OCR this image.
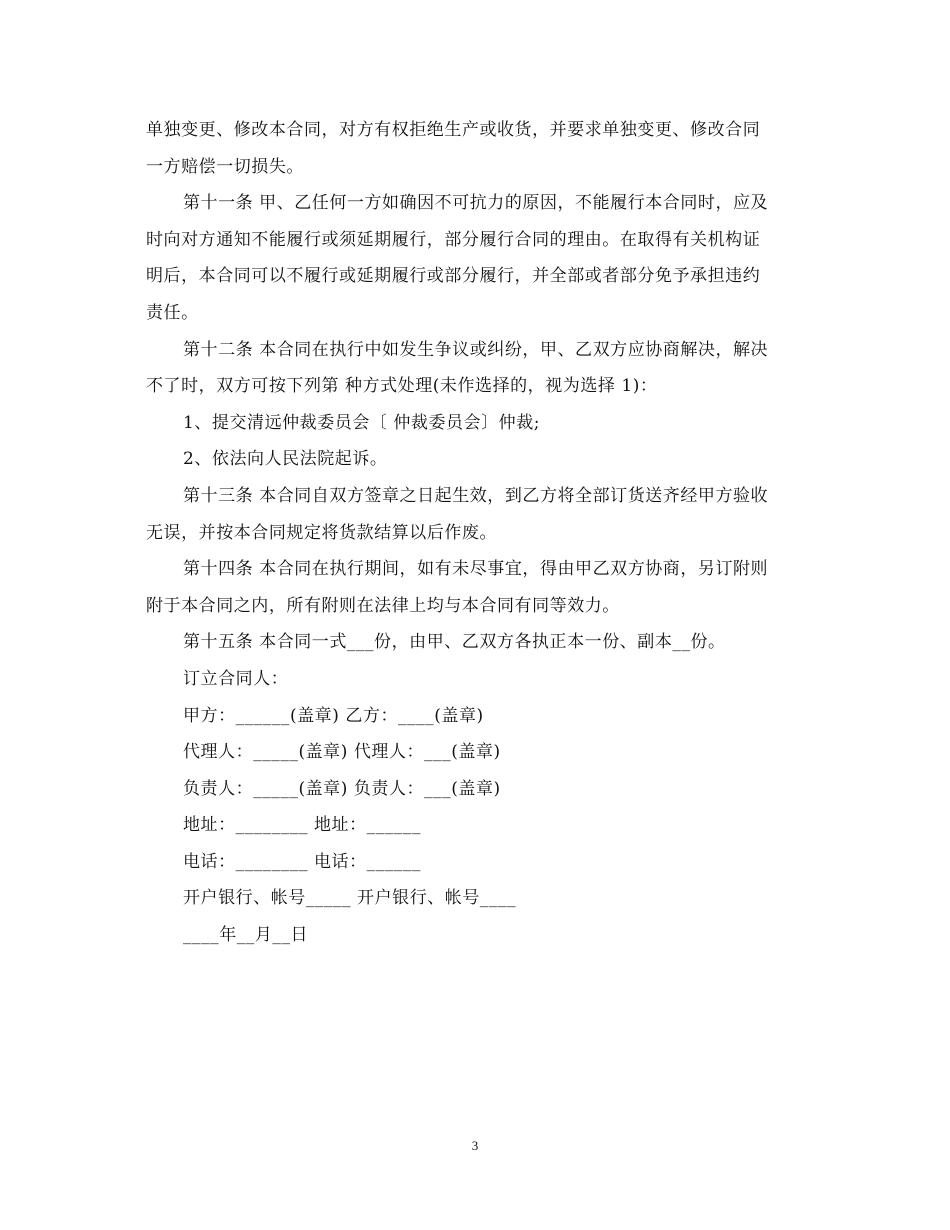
单独变更、修改本合同，对方有权拒绝生产或收货，并要求单独变更、修改合同
一方赔偿一切损失。
第十一条 甲、乙任何一方如确因不可抗力的原因，不能履行本合同时，应及
时向对方通知不能履行或须延期履行，部分履行合同的理由。在取得有关机构证
明后，本合同可以不履行或延期履行或部分履行，并全部或者部分免予承担违约
责任。
第十二条 本合同在执行中如发生争议或纠纷，甲、乙双方应协商解决，解决
不了时，双方可按下列第 种方式处理(未作选择的，视为选择 1)：
1、提交清远仲裁委员会〔 仲裁委员会〕仲裁;
2、依法向人民法院起诉。
第十三条 本合同自双方签章之日起生效，到乙方将全部订货送齐经甲方验收
无误，并按本合同规定将货款结算以后作废。
第十四条 本合同在执行期间，如有未尽事宜，得由甲乙双方协商，另订附则
附于本合同之内，所有附则在法律上均与本合同有同等效力。
第十五条 本合同一式___份，由甲、乙双方各执正本一份、副本__份。
订立合同人：
甲方：______(盖章) 乙方：____(盖章)
代理人：_____(盖章) 代理人：___(盖章)
负责人：_____(盖章) 负责人：___(盖章)
地址：________ 地址：______
电话：________ 电话：______
开户银行、帐号_____ 开户银行、帐号____
____年__月__日
3
